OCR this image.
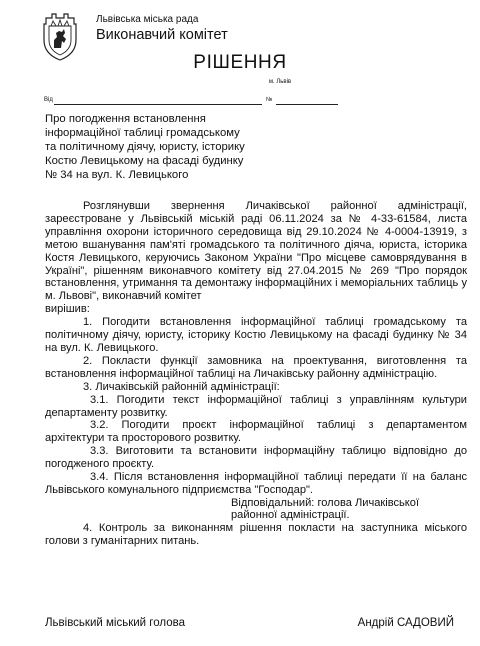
Львівська міська рада
Виконавчий комітет
РІШЕННЯ
м. Львів
Від	№
Про погодження встановлення
інформаційної таблиці громадському
та політичному діячу, юристу, історику
Костю Левицькому на фасаді будинку
№ 34 на вул. К. Левицького

Розглянувши звернення Личаківської районної адміністрації, зареєстроване у Львівській міській раді 06.11.2024 за № 4-33-61584, листа управління охорони історичного середовища від 29.10.2024 № 4-0004-13919, з метою вшанування пам'яті громадського та політичного діяча, юриста, історика Костя Левицького, керуючись Законом України "Про місцеве самоврядування в Україні", рішенням виконавчого комітету від 27.04.2015 № 269 "Про порядок встановлення, утримання та демонтажу інформаційних і меморіальних таблиць у м. Львові", виконавчий комітет

вирішив:

1. Погодити встановлення інформаційної таблиці громадському та політичному діячу, юристу, історику Костю Левицькому на фасаді будинку № 34 на вул. К. Левицького.

2. Покласти функції замовника на проектування, виготовлення та встановлення інформаційної таблиці на Личаківську районну адміністрацію.

3. Личаківській районній адміністрації:

3.1. Погодити текст інформаційної таблиці з управлінням культури департаменту розвитку.

3.2. Погодити проєкт інформаційної таблиці з департаментом архітектури та просторового розвитку.

3.3. Виготовити та встановити інформаційну таблицю відповідно до погодженого проєкту.

3.4. Після встановлення інформаційної таблиці передати її на баланс Львівського комунального підприємства "Господар".

Відповідальний: голова Личаківської

районної адміністрації.

4. Контроль за виконанням рішення покласти на заступника міського голови з гуманітарних питань.

Львівський міський голова	Андрій САДОВИЙ
